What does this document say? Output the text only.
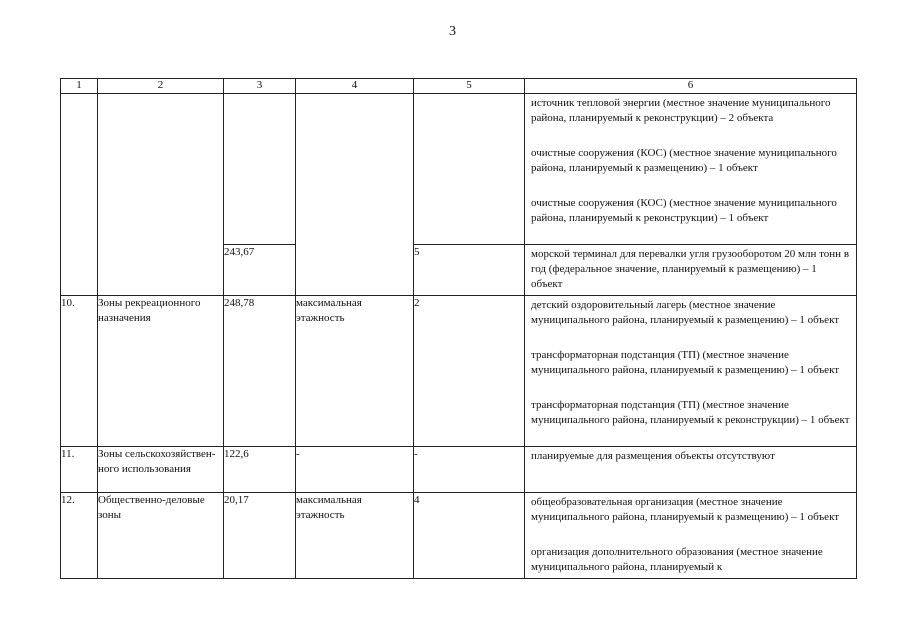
3
1	2	3	4	5	6

					источник тепловой энергии (местное значение муниципального района, планируемый к реконструкции) – 2 объекта
очистные сооружения (КОС) (местное значение муниципального района, планируемый к размещению) – 1 объект
очистные сооружения (КОС) (местное значение муниципального района, планируемый к реконструкции) – 1 объект

		243,67		5	морской терминал для перевалки угля грузооборотом 20 млн тонн в год (федеральное значение, планируемый к размещению) – 1 объект

10.	Зоны рекреационного назначения	248,78	максимальная этажность	2	детский оздоровительный лагерь (местное значение муниципального района, планируемый к размещению) – 1 объект
трансформаторная подстанция (ТП) (местное значение муниципального района, планируемый к размещению) – 1 объект
трансформаторная подстанция (ТП) (местное значение муниципального района, планируемый к реконструкции) – 1 объект

11.	Зоны сельскохозяйствен-ного использования	122,6	-	-	планируемые для размещения объекты отсутствуют

12.	Общественно-деловые зоны	20,17	максимальная этажность	4	общеобразовательная организация (местное значение муниципального района, планируемый к размещению) – 1 объект
организация дополнительного образования (местное значение муниципального района, планируемый к
